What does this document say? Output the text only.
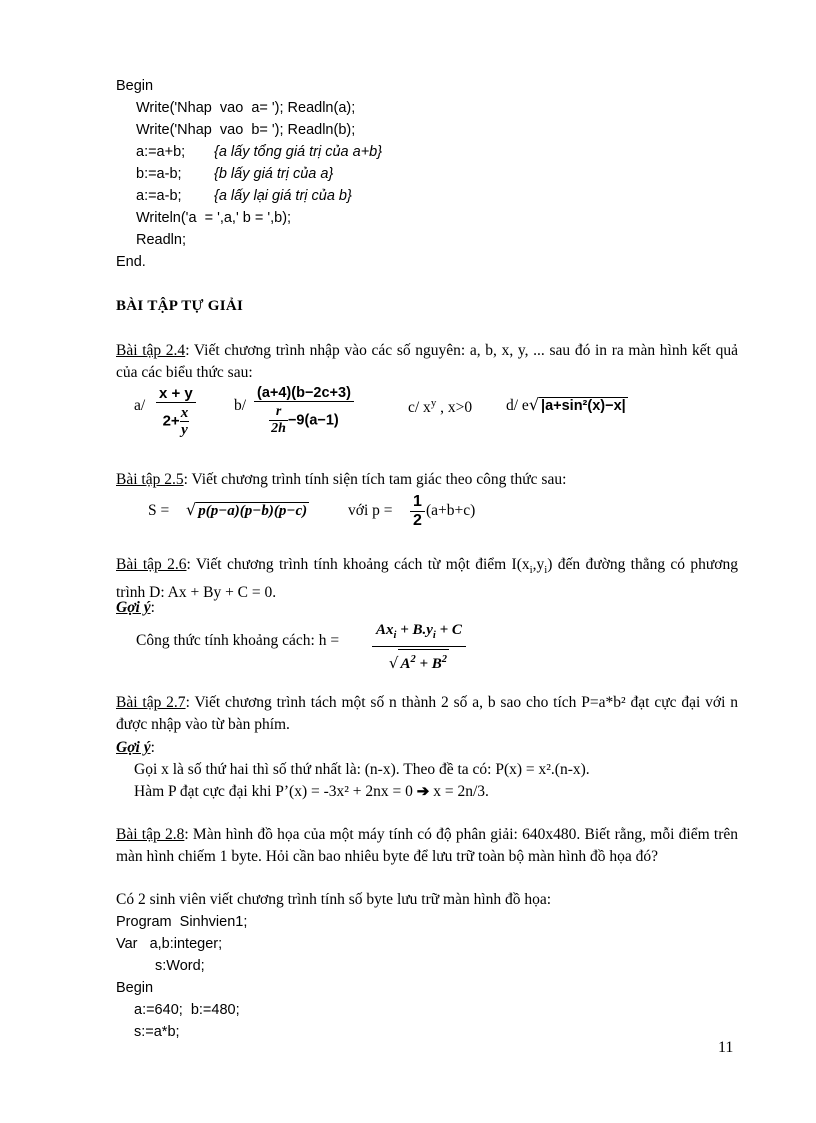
Begin
Write('Nhap  vao  a= '); Readln(a);
Write('Nhap  vao  b= '); Readln(b);
a:=a+b; {a lấy tổng giá trị của a+b}
b:=a-b; {b lấy giá trị của a}
a:=a-b; {a lấy lại giá trị của b}
Writeln('a  = ',a,' b = ',b);
Readln;
End.
BÀI TẬP TỰ GIẢI
Bài tập 2.4: Viết chương trình nhập vào các số nguyên: a, b, x, y, ... sau đó in ra màn hình kết quả của các biểu thức sau:
$a/ \frac{x + y}{2+ \frac{x}{y}} b/ \frac{(a+4)(b-2c+3)}{\frac{r}{2h} -9(a-1)}$	c/ $x^y$ , x>0 d/ e√ |a+sin²(x)−x|
Bài tập 2.5: Viết chương trình tính siện tích tam giác theo công thức sau:
S = √ p(p−a)(p−b)(p−c)	với $p = \frac{1}{2} (a+b+c)$
Bài tập 2.6: Viết chương trình tính khoảng cách từ một điểm $I(x_i,y_i)$ đến đường thẳng có phương trình D: Ax + By + C = 0.
Gợi ý:
Công thức tính khoảng cách: h =
$Ax_i + B.y_i + C$
√ $A^2 + B^2$
Bài tập 2.7: Viết chương trình tách một số n thành 2 số a, b sao cho tích P=a*b² đạt cực đại với n được nhập vào từ bàn phím.
Gợi ý:
Gọi x là số thứ hai thì số thứ nhất là: (n-x). Theo đề ta có: P(x) = x².(n-x).
Hàm P đạt cực đại khi P’(x) = -3x² + 2nx = 0 ➔ x = 2n/3.
Bài tập 2.8: Màn hình đồ họa của một máy tính có độ phân giải: 640x480. Biết rằng, mỗi điểm trên màn hình chiếm 1 byte. Hỏi cần bao nhiêu byte để lưu trữ toàn bộ màn hình đồ họa đó?
Có 2 sinh viên viết chương trình tính số byte lưu trữ màn hình đồ họa:
Program  Sinhvien1;
Var   a,b:integer;
s:Word;
Begin
a:=640;  b:=480;
s:=a*b;
11
